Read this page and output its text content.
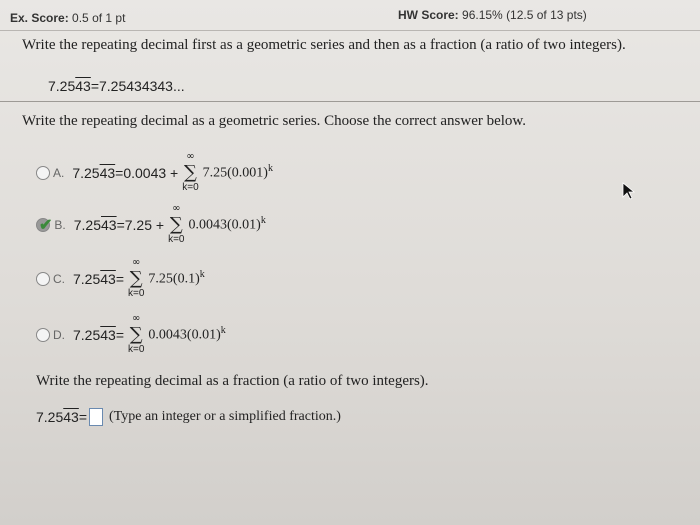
Ex. Score: 0.5 of 1 pt	HW Score: 96.15% (12.5 of 13 pts)
Write the repeating decimal first as a geometric series and then as a fraction (a ratio of two integers).
7.2543=7.25434343...
Write the repeating decimal as a geometric series. Choose the correct answer below.
A. 7.2543 =0.0043 +
∞
∑
k=0
$7.25(0.001)^k$
✔ B. 7.2543 =7.25 +
∞
∑
k=0
$0.0043(0.01)^k$
C. 7.2543 =
∞
∑
k=0
$7.25(0.1)^k$
D. 7.2543 =
∞
∑
k=0
$0.0043(0.01)^k$
Write the repeating decimal as a fraction (a ratio of two integers).
7.2543 = (Type an integer or a simplified fraction.)
